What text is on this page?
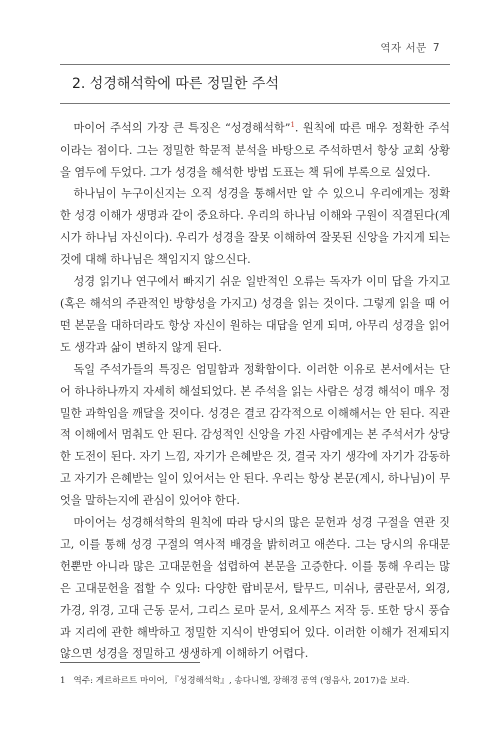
역자 서문 7
2. 성경해석학에 따른 정밀한 주석

마이어 주석의 가장 큰 특징은 “성경해석학”$^1$. 원칙에 따른 매우 정확한 주석이라는 점이다. 그는 정밀한 학문적 분석을 바탕으로 주석하면서 항상 교회 상황을 염두에 두었다. 그가 성경을 해석한 방법 도표는 책 뒤에 부록으로 실었다.

하나님이 누구이신지는 오직 성경을 통해서만 알 수 있으니 우리에게는 정확한 성경 이해가 생명과 같이 중요하다. 우리의 하나님 이해와 구원이 직결된다(계시가 하나님 자신이다). 우리가 성경을 잘못 이해하여 잘못된 신앙을 가지게 되는 것에 대해 하나님은 책임지지 않으신다.

성경 읽기나 연구에서 빠지기 쉬운 일반적인 오류는 독자가 이미 답을 가지고(혹은 해석의 주관적인 방향성을 가지고) 성경을 읽는 것이다. 그렇게 읽을 때 어떤 본문을 대하더라도 항상 자신이 원하는 대답을 얻게 되며, 아무리 성경을 읽어도 생각과 삶이 변하지 않게 된다.

독일 주석가들의 특징은 엄밀함과 정확함이다. 이러한 이유로 본서에서는 단어 하나하나까지 자세히 해설되었다. 본 주석을 읽는 사람은 성경 해석이 매우 정밀한 과학임을 깨달을 것이다. 성경은 결코 감각적으로 이해해서는 안 된다. 직관적 이해에서 멈춰도 안 된다. 감성적인 신앙을 가진 사람에게는 본 주석서가 상당한 도전이 된다. 자기 느낌, 자기가 은혜받은 것, 결국 자기 생각에 자기가 감동하고 자기가 은혜받는 일이 있어서는 안 된다. 우리는 항상 본문(계시, 하나님)이 무엇을 말하는지에 관심이 있어야 한다.

마이어는 성경해석학의 원칙에 따라 당시의 많은 문헌과 성경 구절을 연관 짓고, 이를 통해 성경 구절의 역사적 배경을 밝히려고 애쓴다. 그는 당시의 유대문헌뿐만 아니라 많은 고대문헌을 섭렵하여 본문을 고증한다. 이를 통해 우리는 많은 고대문헌을 접할 수 있다: 다양한 랍비문서, 탈무드, 미쉬나, 쿰란문서, 외경, 가경, 위경, 고대 근동 문서, 그리스 로마 문서, 요세푸스 저작 등. 또한 당시 풍습과 지리에 관한 해박하고 정밀한 지식이 반영되어 있다. 이러한 이해가 전제되지 않으면 성경을 정밀하고 생생하게 이해하기 어렵다.

1 역주: 게르하르트 마이어, 『성경해석학』, 송다니엘, 장해경 공역 (영음사, 2017)을 보라.
